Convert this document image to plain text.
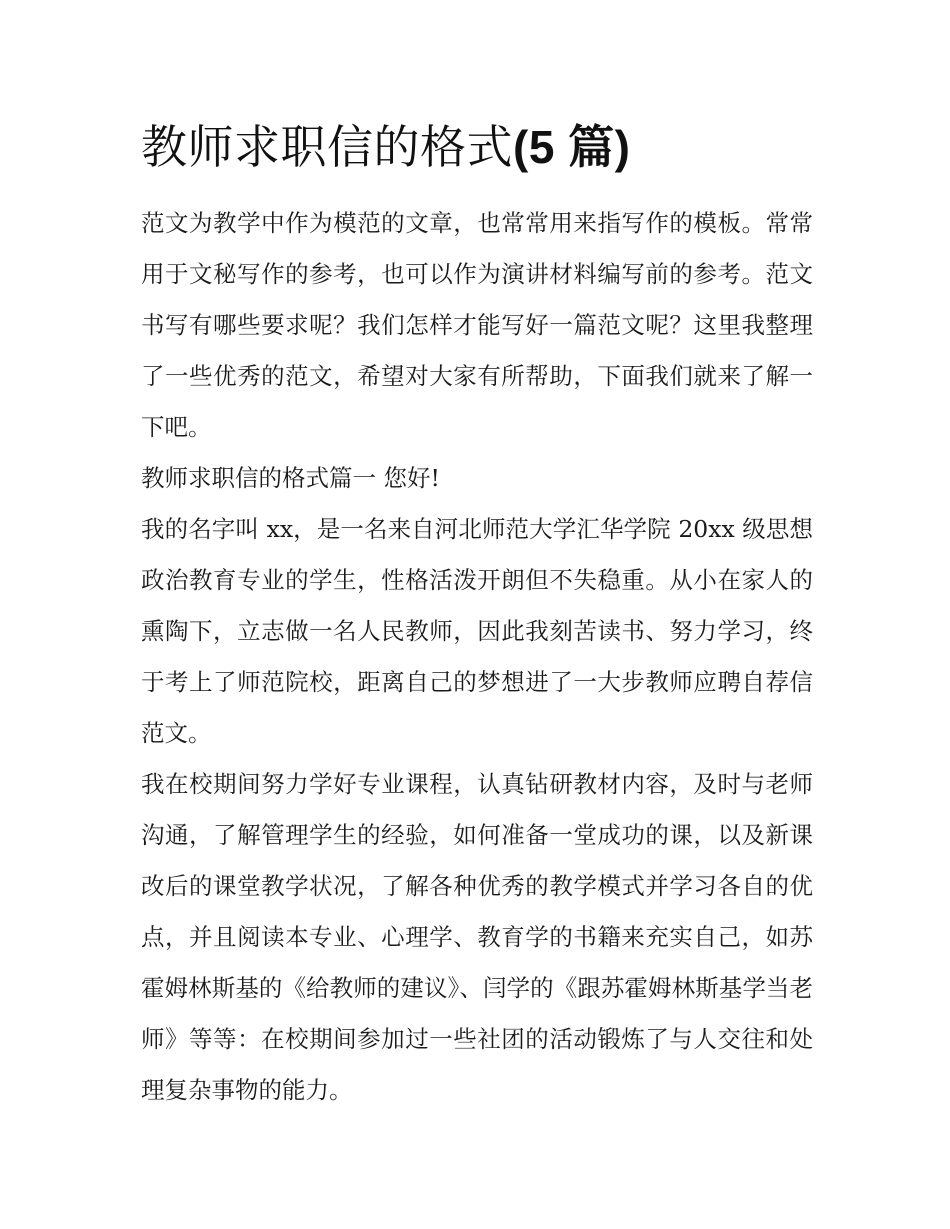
教师求职信的格式(5 篇)

范文为教学中作为模范的文章，也常常用来指写作的模板。常常用于文秘写作的参考，也可以作为演讲材料编写前的参考。范文书写有哪些要求呢？我们怎样才能写好一篇范文呢？这里我整理了一些优秀的范文，希望对大家有所帮助，下面我们就来了解一下吧。

教师求职信的格式篇一 您好!

我的名字叫 xx，是一名来自河北师范大学汇华学院 20xx 级思想政治教育专业的学生，性格活泼开朗但不失稳重。从小在家人的熏陶下，立志做一名人民教师，因此我刻苦读书、努力学习，终于考上了师范院校，距离自己的梦想进了一大步教师应聘自荐信范文。

我在校期间努力学好专业课程，认真钻研教材内容，及时与老师沟通，了解管理学生的经验，如何准备一堂成功的课，以及新课改后的课堂教学状况，了解各种优秀的教学模式并学习各自的优点，并且阅读本专业、心理学、教育学的书籍来充实自己，如苏霍姆林斯基的《给教师的建议》、闫学的《跟苏霍姆林斯基学当老师》等等：在校期间参加过一些社团的活动锻炼了与人交往和处理复杂事物的能力。
